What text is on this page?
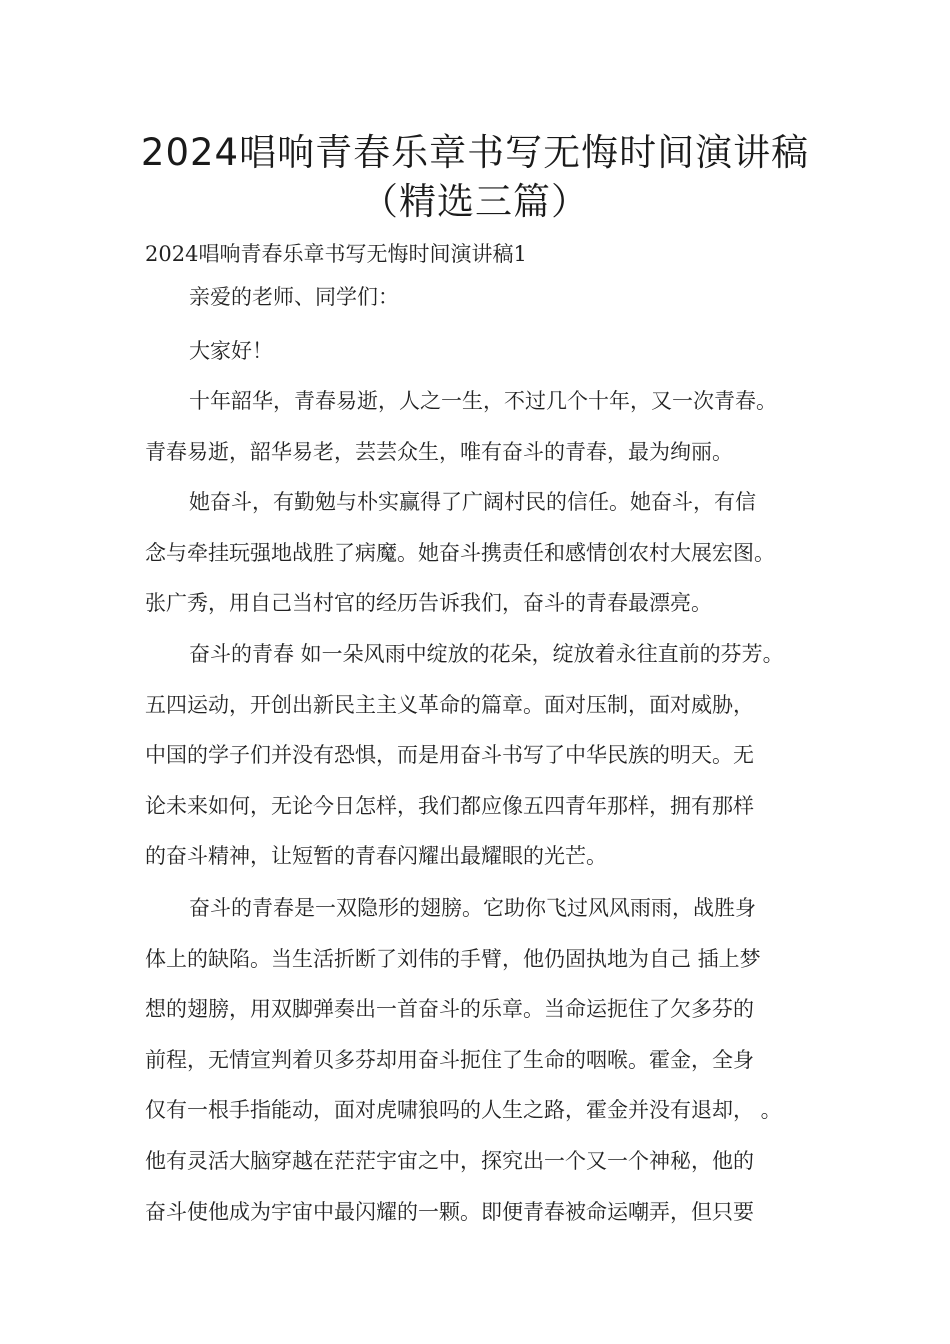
2024唱响青春乐章书写无悔时间演讲稿
（精选三篇）

2024唱响青春乐章书写无悔时间演讲稿1

亲爱的老师、同学们：

大家好！

十年韶华，青春易逝，人之一生，不过几个十年，又一次青春。
青春易逝，韶华易老，芸芸众生，唯有奋斗的青春，最为绚丽。

她奋斗，有勤勉与朴实赢得了广阔村民的信任。她奋斗，有信
念与牵挂玩强地战胜了病魔。她奋斗携责任和感情创农村大展宏图。
张广秀，用自己当村官的经历告诉我们，奋斗的青春最漂亮。

奋斗的青春 如一朵风雨中绽放的花朵，绽放着永往直前的芬芳。
五四运动，开创出新民主主义革命的篇章。面对压制，面对威胁，
中国的学子们并没有恐惧，而是用奋斗书写了中华民族的明天。无
论未来如何，无论今日怎样，我们都应像五四青年那样，拥有那样
的奋斗精神，让短暂的青春闪耀出最耀眼的光芒。

奋斗的青春是一双隐形的翅膀。它助你飞过风风雨雨，战胜身
体上的缺陷。当生活折断了刘伟的手臂，他仍固执地为自己 插上梦
想的翅膀，用双脚弹奏出一首奋斗的乐章。当命运扼住了欠多芬的
前程，无情宣判着贝多芬却用奋斗扼住了生命的咽喉。霍金，全身
仅有一根手指能动，面对虎啸狼吗的人生之路，霍金并没有退却， 。
他有灵活大脑穿越在茫茫宇宙之中，探究出一个又一个神秘，他的
奋斗使他成为宇宙中最闪耀的一颗。即便青春被命运嘲弄，但只要
